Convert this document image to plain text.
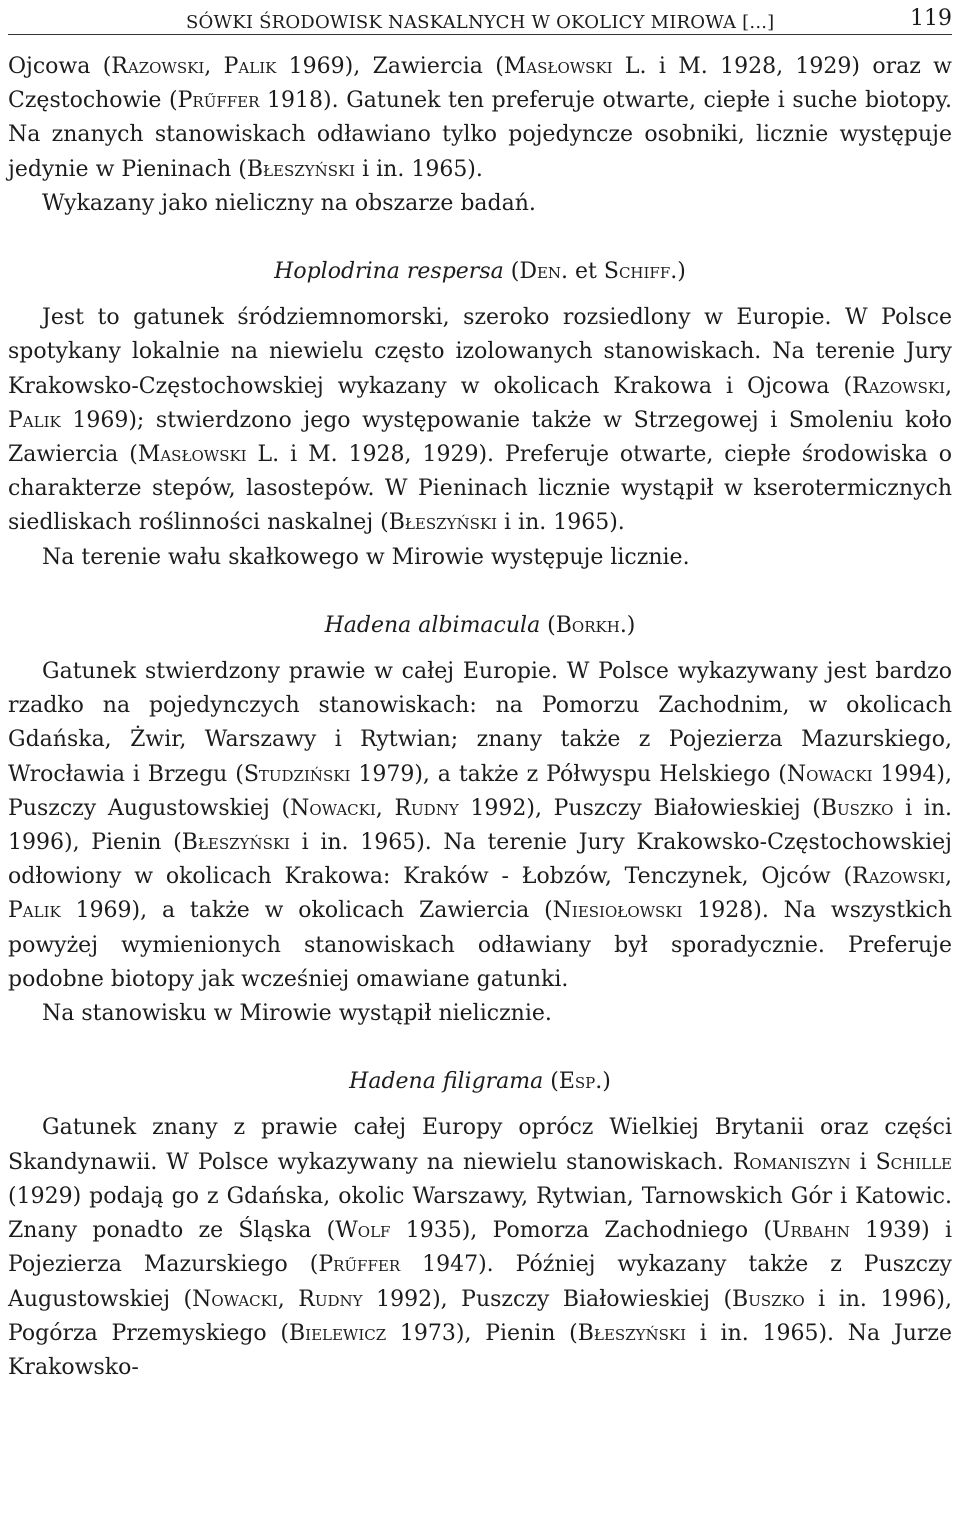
SÓWKI ŚRODOWISK NASKALNYCH W OKOLICY MIROWA [...]	119

Ojcowa (Razowski, Palik 1969), Zawiercia (Masłowski L. i M. 1928, 1929) oraz w Częstochowie (Prűffer 1918). Gatunek ten preferuje otwarte, ciepłe i suche biotopy. Na znanych stanowiskach odławiano tylko pojedyncze osobniki, licznie występuje jedynie w Pieninach (Błeszyński i in. 1965).

Wykazany jako nieliczny na obszarze badań.

Hoplodrina respersa (Den. et Schiff.)

Jest to gatunek śródziemnomorski, szeroko rozsiedlony w Europie. W Polsce spotykany lokalnie na niewielu często izolowanych stanowiskach. Na terenie Jury Krakowsko-Częstochowskiej wykazany w okolicach Krakowa i Ojcowa (Razowski, Palik 1969); stwierdzono jego występowanie także w Strzegowej i Smoleniu koło Zawiercia (Masłowski L. i M. 1928, 1929). Preferuje otwarte, ciepłe środowiska o charakterze stepów, lasostepów. W Pieninach licznie wystąpił w kserotermicznych siedliskach roślinności naskalnej (Błeszyński i in. 1965).

Na terenie wału skałkowego w Mirowie występuje licznie.

Hadena albimacula (Borkh.)

Gatunek stwierdzony prawie w całej Europie. W Polsce wykazywany jest bardzo rzadko na pojedynczych stanowiskach: na Pomorzu Zachodnim, w okolicach Gdańska, Żwir, Warszawy i Rytwian; znany także z Pojezierza Mazurskiego, Wrocławia i Brzegu (Studziński 1979), a także z Półwyspu Helskiego (Nowacki 1994), Puszczy Augustowskiej (Nowacki, Rudny 1992), Puszczy Białowieskiej (Buszko i in. 1996), Pienin (Błeszyński i in. 1965). Na terenie Jury Krakowsko-Częstochowskiej odłowiony w okolicach Krakowa: Kraków - Łobzów, Tenczynek, Ojców (Razowski, Palik 1969), a także w okolicach Zawiercia (Niesiołowski 1928). Na wszystkich powyżej wymienionych stanowiskach odławiany był sporadycznie. Preferuje podobne biotopy jak wcześniej omawiane gatunki.

Na stanowisku w Mirowie wystąpił nielicznie.

Hadena filigrama (Esp.)

Gatunek znany z prawie całej Europy oprócz Wielkiej Brytanii oraz części Skandynawii. W Polsce wykazywany na niewielu stanowiskach. Romaniszyn i Schille (1929) podają go z Gdańska, okolic Warszawy, Rytwian, Tarnowskich Gór i Katowic. Znany ponadto ze Śląska (Wolf 1935), Pomorza Zachodniego (Urbahn 1939) i Pojezierza Mazurskiego (Prűffer 1947). Później wykazany także z Puszczy Augustowskiej (Nowacki, Rudny 1992), Puszczy Białowieskiej (Buszko i in. 1996), Pogórza Przemyskiego (Bielewicz 1973), Pienin (Błeszyński i in. 1965). Na Jurze Krakowsko-
